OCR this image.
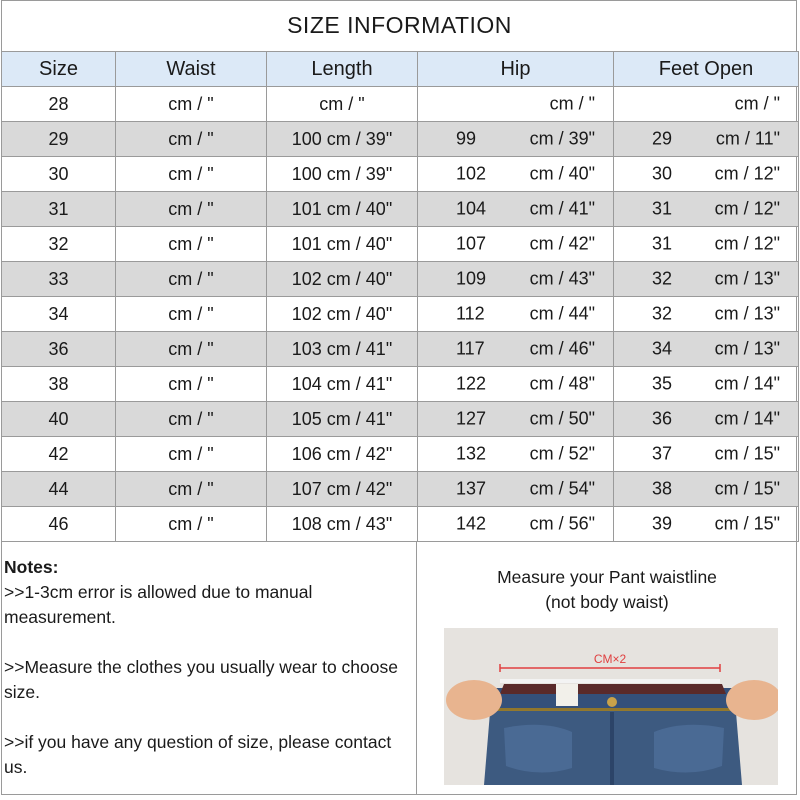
SIZE INFORMATION
Size	Waist	Length	Hip	Feet Open
28	cm / "	cm / "	cm / "	cm / "

29	cm / "	100 cm / 39"	99 cm / 39"	29 cm / 11"

30	cm / "	100 cm / 39"	102 cm / 40"	30 cm / 12"

31	cm / "	101 cm / 40"	104 cm / 41"	31 cm / 12"

32	cm / "	101 cm / 40"	107 cm / 42"	31 cm / 12"

33	cm / "	102 cm / 40"	109 cm / 43"	32 cm / 13"

34	cm / "	102 cm / 40"	112 cm / 44"	32 cm / 13"

36	cm / "	103 cm / 41"	117 cm / 46"	34 cm / 13"

38	cm / "	104 cm / 41"	122 cm / 48"	35 cm / 14"

40	cm / "	105 cm / 41"	127 cm / 50"	36 cm / 14"

42	cm / "	106 cm / 42"	132 cm / 52"	37 cm / 15"

44	cm / "	107 cm / 42"	137 cm / 54"	38 cm / 15"

46	cm / "	108 cm / 43"	142 cm / 56"	39 cm / 15"

Notes:

>>1-3cm error is allowed due to manual measurement.

>>Measure the clothes you usually wear to choose size.

>>if you have any question of size, please contact us.

Measure your Pant waistline
(not body waist)
CM×2
